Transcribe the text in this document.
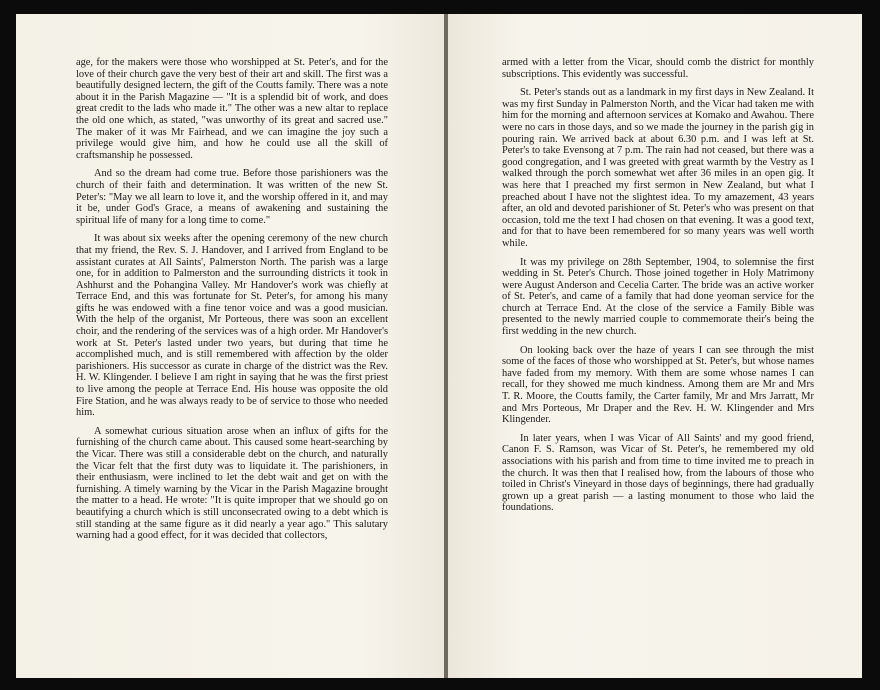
age, for the makers were those who worshipped at St. Peter's, and for the love of their church gave the very best of their art and skill. The first was a beautifully designed lectern, the gift of the Coutts family. There was a note about it in the Parish Magazine — "It is a splendid bit of work, and does great credit to the lads who made it." The other was a new altar to replace the old one which, as stated, "was unworthy of its great and sacred use." The maker of it was Mr Fairhead, and we can imagine the joy such a privilege would give him, and how he could use all the skill of craftsmanship he possessed.

And so the dream had come true. Before those parishioners was the church of their faith and determination. It was written of the new St. Peter's: "May we all learn to love it, and the worship offered in it, and may it be, under God's Grace, a means of awakening and sustaining the spiritual life of many for a long time to come."

It was about six weeks after the opening ceremony of the new church that my friend, the Rev. S. J. Handover, and I arrived from England to be assistant curates at All Saints', Palmerston North. The parish was a large one, for in addition to Palmerston and the surrounding districts it took in Ashhurst and the Pohangina Valley. Mr Handover's work was chiefly at Terrace End, and this was fortunate for St. Peter's, for among his many gifts he was endowed with a fine tenor voice and was a good musician. With the help of the organist, Mr Porteous, there was soon an excellent choir, and the rendering of the services was of a high order. Mr Handover's work at St. Peter's lasted under two years, but during that time he accomplished much, and is still remembered with affection by the older parishioners. His successor as curate in charge of the district was the Rev. H. W. Klingender. I believe I am right in saying that he was the first priest to live among the people at Terrace End. His house was opposite the old Fire Station, and he was always ready to be of service to those who needed him.

A somewhat curious situation arose when an influx of gifts for the furnishing of the church came about. This caused some heart-searching by the Vicar. There was still a considerable debt on the church, and naturally the Vicar felt that the first duty was to liquidate it. The parishioners, in their enthusiasm, were inclined to let the debt wait and get on with the furnishing. A timely warning by the Vicar in the Parish Magazine brought the matter to a head. He wrote: "It is quite improper that we should go on beautifying a church which is still unconsecrated owing to a debt which is still standing at the same figure as it did nearly a year ago." This salutary warning had a good effect, for it was decided that collectors,

armed with a letter from the Vicar, should comb the district for monthly subscriptions. This evidently was successful.

St. Peter's stands out as a landmark in my first days in New Zealand. It was my first Sunday in Palmerston North, and the Vicar had taken me with him for the morning and afternoon services at Komako and Awahou. There were no cars in those days, and so we made the journey in the parish gig in pouring rain. We arrived back at about 6.30 p.m. and I was left at St. Peter's to take Evensong at 7 p.m. The rain had not ceased, but there was a good congregation, and I was greeted with great warmth by the Vestry as I walked through the porch somewhat wet after 36 miles in an open gig. It was here that I preached my first sermon in New Zealand, but what I preached about I have not the slightest idea. To my amazement, 43 years after, an old and devoted parishioner of St. Peter's who was present on that occasion, told me the text I had chosen on that evening. It was a good text, and for that to have been remembered for so many years was well worth while.

It was my privilege on 28th September, 1904, to solemnise the first wedding in St. Peter's Church. Those joined together in Holy Matrimony were August Anderson and Cecelia Carter. The bride was an active worker of St. Peter's, and came of a family that had done yeoman service for the church at Terrace End. At the close of the service a Family Bible was presented to the newly married couple to commemorate their's being the first wedding in the new church.

On looking back over the haze of years I can see through the mist some of the faces of those who worshipped at St. Peter's, but whose names have faded from my memory. With them are some whose names I can recall, for they showed me much kindness. Among them are Mr and Mrs T. R. Moore, the Coutts family, the Carter family, Mr and Mrs Jarratt, Mr and Mrs Porteous, Mr Draper and the Rev. H. W. Klingender and Mrs Klingender.

In later years, when I was Vicar of All Saints' and my good friend, Canon F. S. Ramson, was Vicar of St. Peter's, he remembered my old associations with his parish and from time to time invited me to preach in the church. It was then that I realised how, from the labours of those who toiled in Christ's Vineyard in those days of beginnings, there had gradually grown up a great parish — a lasting monument to those who laid the foundations.
